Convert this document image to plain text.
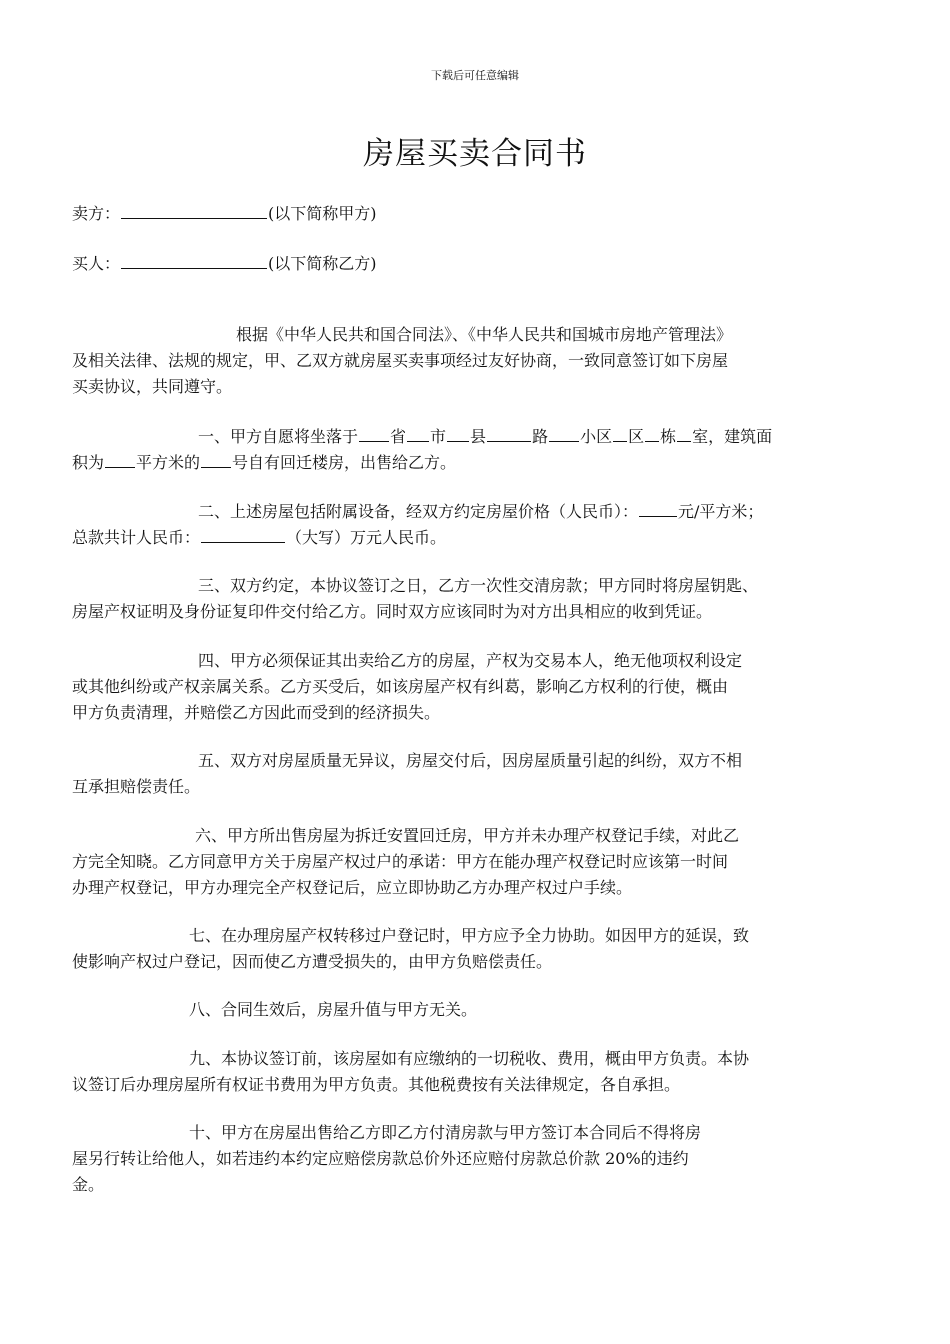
下载后可任意编辑
房屋买卖合同书
卖方：	(以下简称甲方)
买人：	(以下简称乙方)
根据《中华人民共和国合同法》、《中华人民共和国城市房地产管理法》
及相关法律、法规的规定，甲、乙双方就房屋买卖事项经过友好协商，一致同意签订如下房屋
买卖协议，共同遵守。
一、甲方自愿将坐落于 省 市 县	路 小区 区 栋 室，建筑面
积为 平方米的 号自有回迁楼房，出售给乙方。
二、上述房屋包括附属设备，经双方约定房屋价格（人民币）：	元/平方米；
总款共计人民币：	（大写）万元人民币。
三、双方约定，本协议签订之日，乙方一次性交清房款；甲方同时将房屋钥匙、
房屋产权证明及身份证复印件交付给乙方。同时双方应该同时为对方出具相应的收到凭证。
四、甲方必须保证其出卖给乙方的房屋，产权为交易本人，绝无他项权利设定
或其他纠纷或产权亲属关系。乙方买受后，如该房屋产权有纠葛，影响乙方权利的行使，概由
甲方负责清理，并赔偿乙方因此而受到的经济损失。
五、双方对房屋质量无异议，房屋交付后，因房屋质量引起的纠纷，双方不相
互承担赔偿责任。
六、甲方所出售房屋为拆迁安置回迁房，甲方并未办理产权登记手续，对此乙
方完全知晓。乙方同意甲方关于房屋产权过户的承诺：甲方在能办理产权登记时应该第一时间
办理产权登记，甲方办理完全产权登记后，应立即协助乙方办理产权过户手续。
七、在办理房屋产权转移过户登记时，甲方应予全力协助。如因甲方的延误，致
使影响产权过户登记，因而使乙方遭受损失的，由甲方负赔偿责任。
八、合同生效后，房屋升值与甲方无关。
九、本协议签订前，该房屋如有应缴纳的一切税收、费用，概由甲方负责。本协
议签订后办理房屋所有权证书费用为甲方负责。其他税费按有关法律规定，各自承担。
十、甲方在房屋出售给乙方即乙方付清房款与甲方签订本合同后不得将房
屋另行转让给他人，如若违约本约定应赔偿房款总价外还应赔付房款总价款 20%的违约
金。
